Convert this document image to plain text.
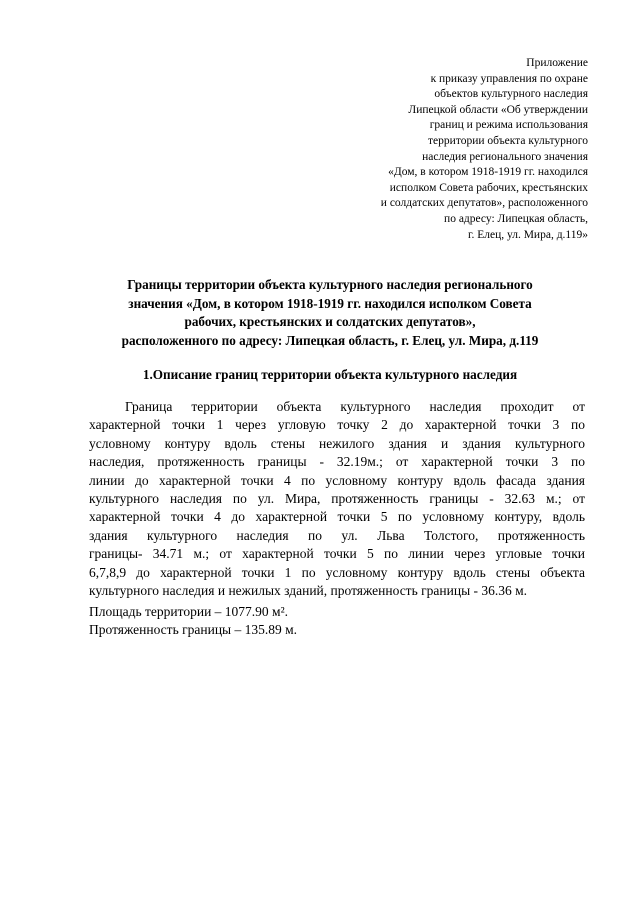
Приложение
к приказу управления по охране
объектов культурного наследия
Липецкой области «Об утверждении
границ и режима использования
территории объекта культурного
наследия регионального значения
«Дом, в котором 1918-1919 гг. находился
исполком Совета рабочих, крестьянских
и солдатских депутатов», расположенного
по адресу: Липецкая область,
г. Елец, ул. Мира, д.119»
Границы территории объекта культурного наследия регионального
значения «Дом, в котором 1918-1919 гг. находился исполком Совета
рабочих, крестьянских и солдатских депутатов»,
расположенного по адресу: Липецкая область, г. Елец, ул. Мира, д.119
1.Описание границ территории объекта культурного наследия
Граница территории объекта культурного наследия проходит от
характерной точки 1 через угловую точку 2 до характерной точки 3 по
условному контуру вдоль стены нежилого здания и здания культурного
наследия, протяженность границы - 32.19м.; от характерной точки 3 по
линии до характерной точки 4 по условному контуру вдоль фасада здания
культурного наследия по ул. Мира, протяженность границы - 32.63 м.; от
характерной точки 4 до характерной точки 5 по условному контуру, вдоль
здания культурного наследия по ул. Льва Толстого, протяженность
границы- 34.71 м.; от характерной точки 5 по линии через угловые точки
6,7,8,9 до характерной точки 1 по условному контуру вдоль стены объекта
культурного наследия и нежилых зданий, протяженность границы - 36.36 м.
Площадь территории – 1077.90 м².
Протяженность границы – 135.89 м.
